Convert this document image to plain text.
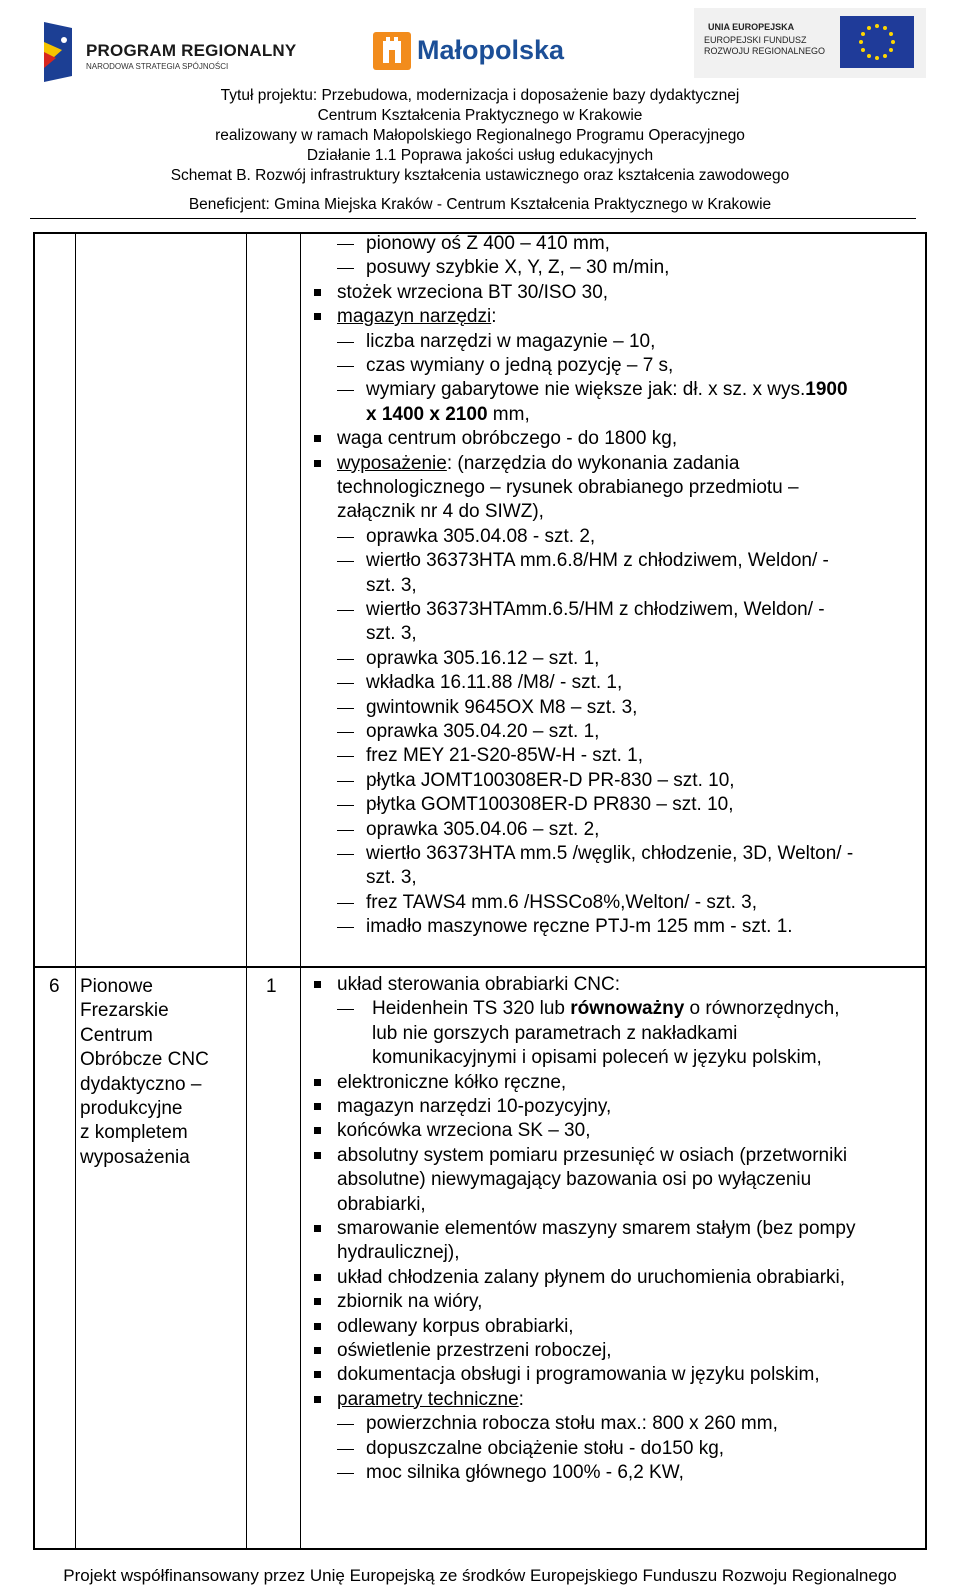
PROGRAM REGIONALNY
NARODOWA STRATEGIA SPÓJNOŚCI
Małopolska
UNIA EUROPEJSKA
EUROPEJSKI FUNDUSZ
ROZWOJU REGIONALNEGO
Tytuł projektu: Przebudowa, modernizacja i doposażenie bazy dydaktycznej
Centrum Kształcenia Praktycznego w Krakowie
realizowany w ramach Małopolskiego Regionalnego Programu Operacyjnego
Działanie 1.1 Poprawa jakości usług edukacyjnych
Schemat B. Rozwój infrastruktury kształcenia ustawicznego oraz kształcenia zawodowego
Beneficjent: Gmina Miejska Kraków - Centrum Kształcenia Praktycznego w Krakowie
6 Pionowe
Frezarskie
Centrum
Obróbcze CNC
dydaktyczno –
produkcyjne
z kompletem
wyposażenia
1
pionowy oś Z 400 – 410 mm,
posuwy szybkie X, Y, Z, – 30 m/min,
stożek wrzeciona BT 30/ISO 30,
magazyn narzędzi:
liczba narzędzi w magazynie – 10,
czas wymiany o jedną pozycję – 7 s,
wymiary gabarytowe nie większe jak: dł. x sz. x wys.1900
x 1400 x 2100 mm,
waga centrum obróbczego - do 1800 kg,
wyposażenie: (narzędzia do wykonania zadania
technologicznego – rysunek obrabianego przedmiotu –
załącznik nr 4 do SIWZ),
oprawka 305.04.08 - szt. 2,
wiertło 36373HTA mm.6.8/HM z chłodziwem, Weldon/ -
szt. 3,
wiertło 36373HTAmm.6.5/HM z chłodziwem, Weldon/ -
szt. 3,
oprawka 305.16.12 – szt. 1,
wkładka 16.11.88 /M8/ - szt. 1,
gwintownik 9645OX M8 – szt. 3,
oprawka 305.04.20 – szt. 1,
frez MEY 21-S20-85W-H - szt. 1,
płytka JOMT100308ER-D PR-830 – szt. 10,
płytka GOMT100308ER-D PR830 – szt. 10,
oprawka 305.04.06 – szt. 2,
wiertło 36373HTA mm.5 /węglik, chłodzenie, 3D, Welton/ -
szt. 3,
frez TAWS4 mm.6 /HSSCo8%,Welton/ - szt. 3,
imadło maszynowe ręczne PTJ-m 125 mm - szt. 1.
układ sterowania obrabiarki CNC:
Heidenhein TS 320 lub równoważny o równorzędnych,
lub nie gorszych parametrach z nakładkami
komunikacyjnymi i opisami poleceń w języku polskim,
elektroniczne kółko ręczne,
magazyn narzędzi 10-pozycyjny,
końcówka wrzeciona SK – 30,
absolutny system pomiaru przesunięć w osiach (przetworniki
absolutne) niewymagający bazowania osi po wyłączeniu
obrabiarki,
smarowanie elementów maszyny smarem stałym (bez pompy
hydraulicznej),
układ chłodzenia zalany płynem do uruchomienia obrabiarki,
zbiornik na wióry,
odlewany korpus obrabiarki,
oświetlenie przestrzeni roboczej,
dokumentacja obsługi i programowania w języku polskim,
parametry techniczne:
powierzchnia robocza stołu max.: 800 x 260 mm,
dopuszczalne obciążenie stołu - do150 kg,
moc silnika głównego 100% - 6,2 KW,
Projekt współfinansowany przez Unię Europejską ze środków Europejskiego Funduszu Rozwoju Regionalnego
